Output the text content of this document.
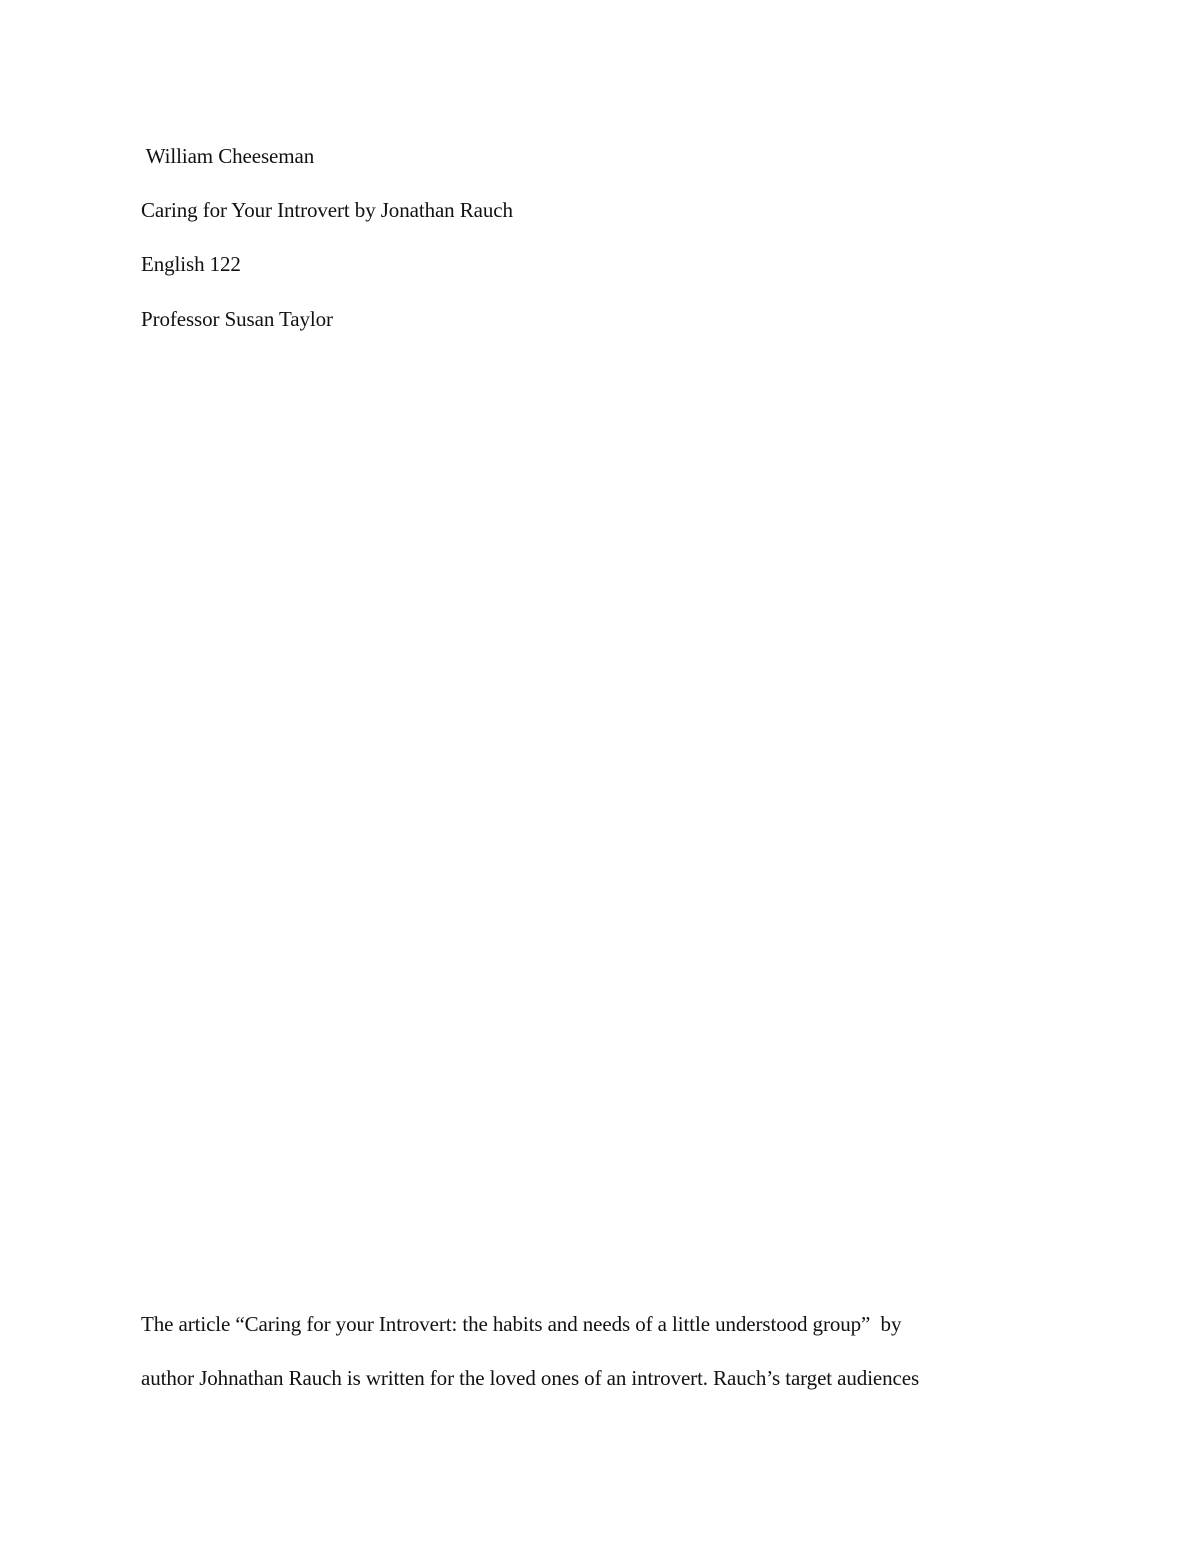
William Cheeseman
Caring for Your Introvert by Jonathan Rauch
English 122
Professor Susan Taylor
The article “Caring for your Introvert: the habits and needs of a little understood group”  by
author Johnathan Rauch is written for the loved ones of an introvert. Rauch’s target audiences
